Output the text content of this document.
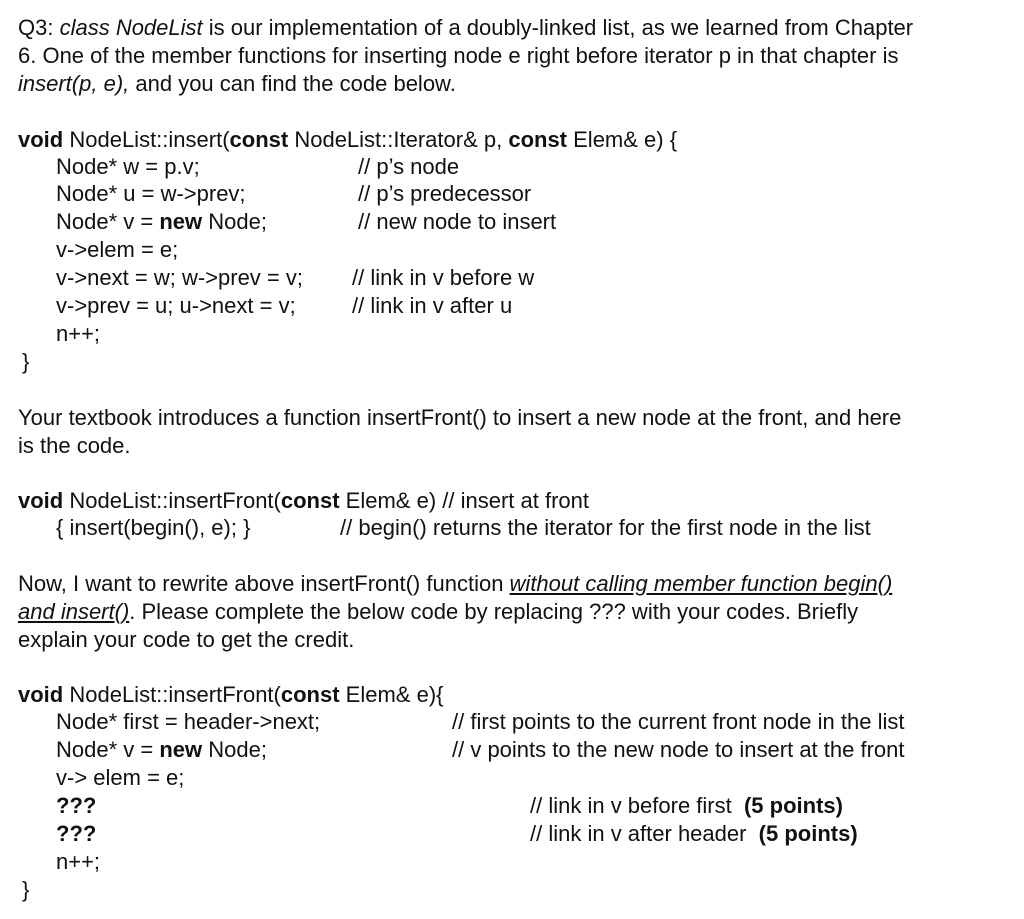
Q3: class NodeList is our implementation of a doubly-linked list, as we learned from Chapter
6. One of the member functions for inserting node e right before iterator p in that chapter is
insert(p, e), and you can find the code below.
void NodeList::insert(const NodeList::Iterator& p, const Elem& e) {
Node* w = p.v;	// p’s node
Node* u = w->prev;	// p’s predecessor
Node* v = new Node;	// new node to insert
v->elem = e;
v->next = w; w->prev = v; // link in v before w
v->prev = u; u->next = v;	// link in v after u
n++;
}
Your textbook introduces a function insertFront() to insert a new node at the front, and here
is the code.
void NodeList::insertFront(const Elem& e) // insert at front
{ insert(begin(), e); }	// begin() returns the iterator for the first node in the list
Now, I want to rewrite above insertFront() function without calling member function begin()
and insert(). Please complete the below code by replacing ??? with your codes. Briefly
explain your code to get the credit.
void NodeList::insertFront(const Elem& e){
Node* first = header->next;	// first points to the current front node in the list
Node* v = new Node;	// v points to the new node to insert at the front
v-> elem = e;
???	// link in v before first  (5 points)
???	// link in v after header  (5 points)
n++;
}
